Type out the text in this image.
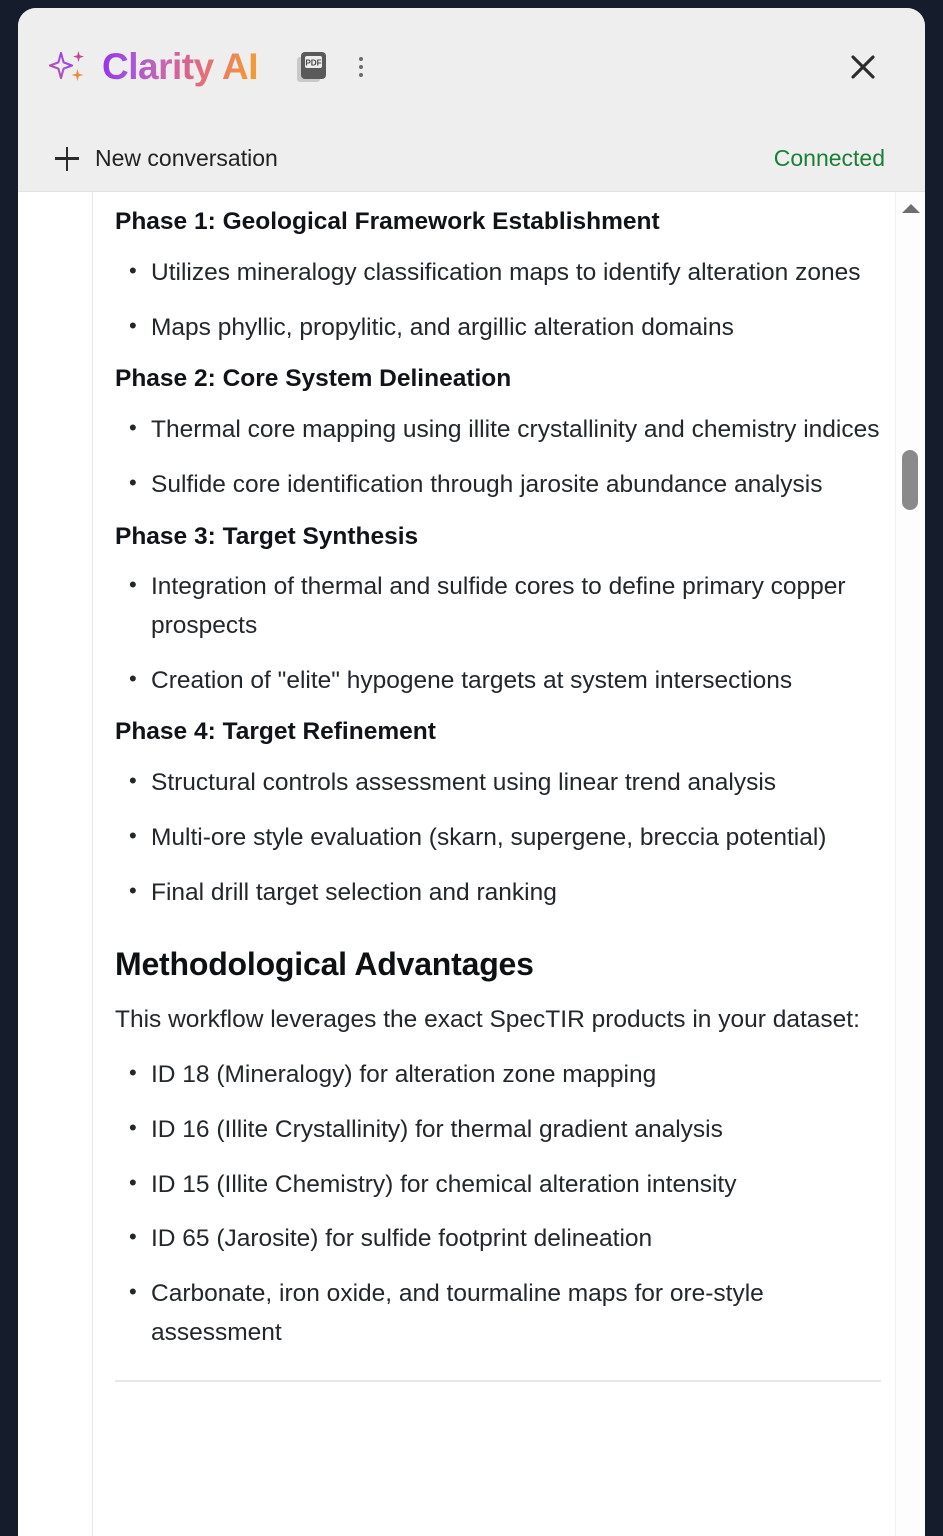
Clarity AI	PDF
New conversation	Connected
Phase 1: Geological Framework Establishment
• Utilizes mineralogy classification maps to identify alteration zones
• Maps phyllic, propylitic, and argillic alteration domains
Phase 2: Core System Delineation
• Thermal core mapping using illite crystallinity and chemistry indices
• Sulfide core identification through jarosite abundance analysis
Phase 3: Target Synthesis
• Integration of thermal and sulfide cores to define primary copper prospects
• Creation of "elite" hypogene targets at system intersections
Phase 4: Target Refinement
• Structural controls assessment using linear trend analysis
• Multi-ore style evaluation (skarn, supergene, breccia potential)
• Final drill target selection and ranking
Methodological Advantages

This workflow leverages the exact SpecTIR products in your dataset:

• ID 18 (Mineralogy) for alteration zone mapping
• ID 16 (Illite Crystallinity) for thermal gradient analysis
• ID 15 (Illite Chemistry) for chemical alteration intensity
• ID 65 (Jarosite) for sulfide footprint delineation
• Carbonate, iron oxide, and tourmaline maps for ore-style assessment
